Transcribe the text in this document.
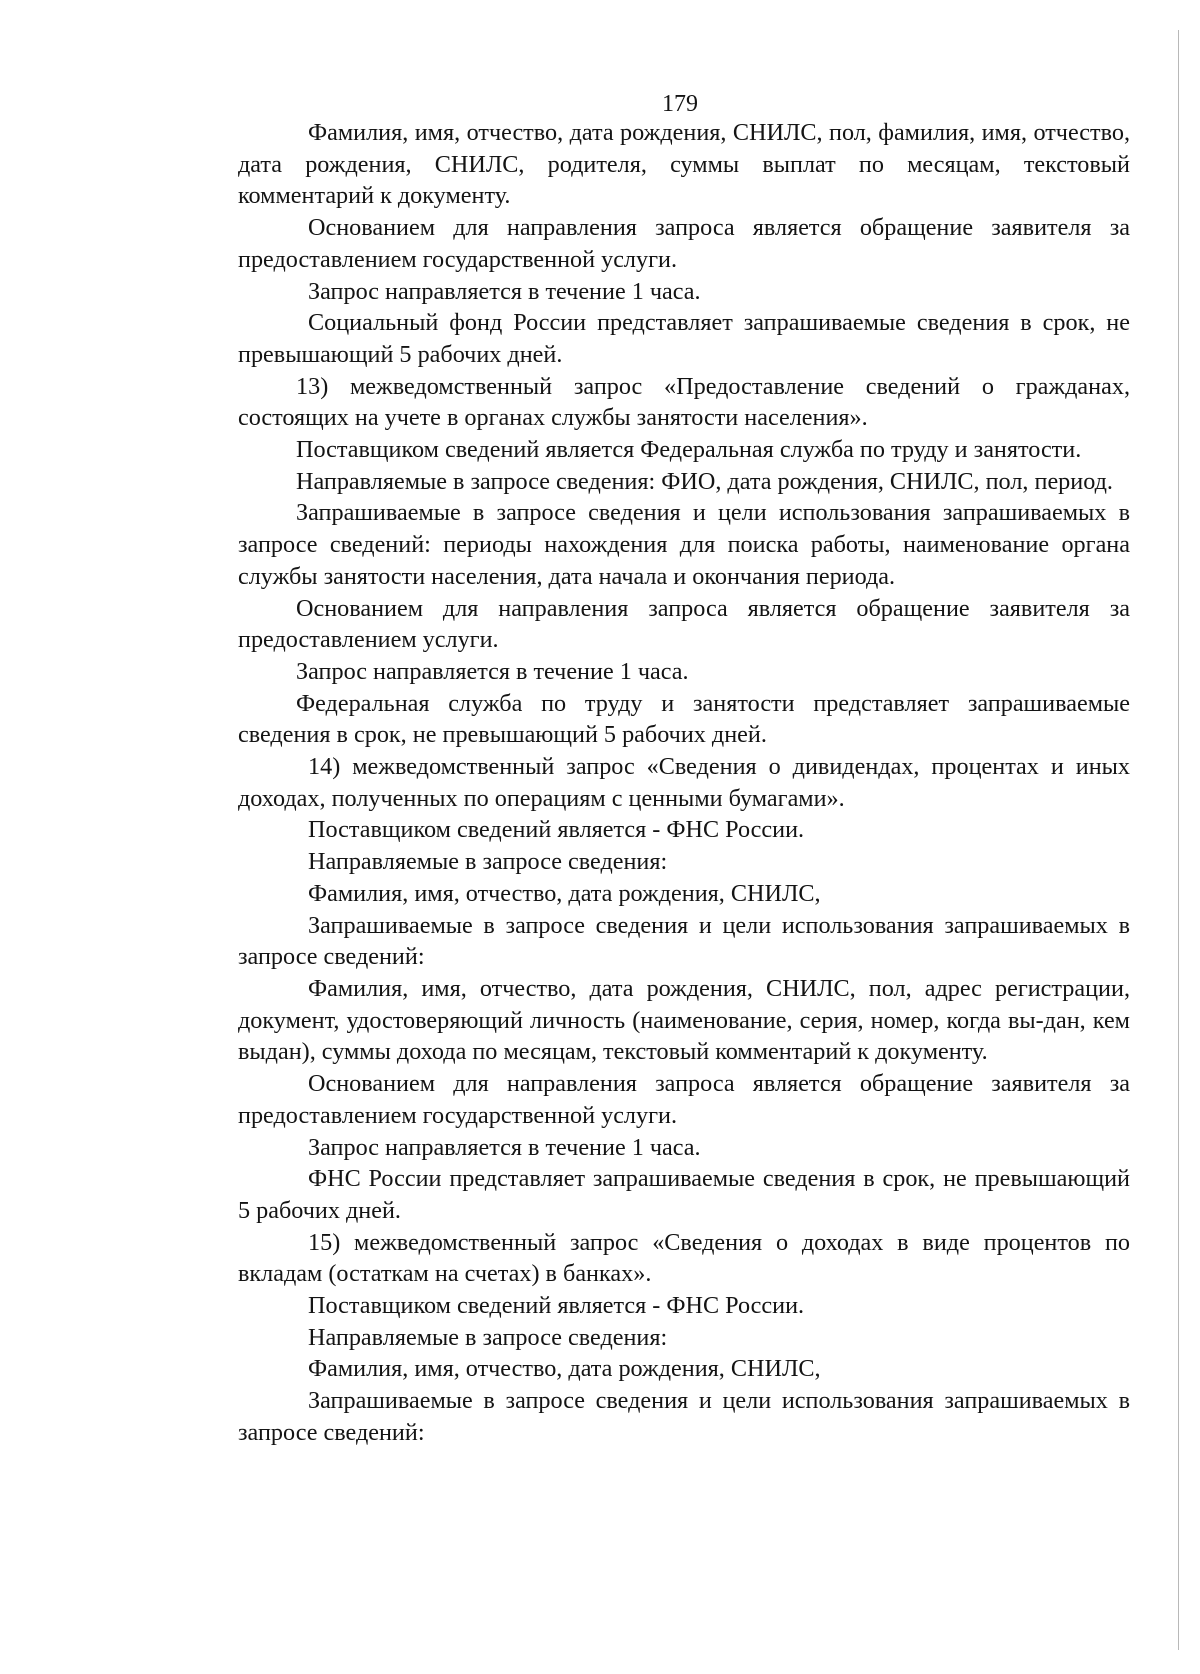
179

Фамилия, имя, отчество, дата рождения, СНИЛС, пол, фамилия, имя, отчество, дата рождения, СНИЛС, родителя, суммы выплат по месяцам, текстовый комментарий к документу.

Основанием для направления запроса является обращение заявителя за предоставлением государственной услуги.

Запрос направляется в течение 1 часа.

Социальный фонд России представляет запрашиваемые сведения в срок, не превышающий 5 рабочих дней.

13) межведомственный запрос «Предоставление сведений о гражданах, состоящих на учете в органах службы занятости населения».

Поставщиком сведений является Федеральная служба по труду и занятости.

Направляемые в запросе сведения: ФИО, дата рождения, СНИЛС, пол, период.

Запрашиваемые в запросе сведения и цели использования запрашиваемых в запросе сведений: периоды нахождения для поиска работы, наименование органа службы занятости населения, дата начала и окончания периода.

Основанием для направления запроса является обращение заявителя за предоставлением услуги.

Запрос направляется в течение 1 часа.

Федеральная служба по труду и занятости представляет запрашиваемые сведения в срок, не превышающий 5 рабочих дней.

14) межведомственный запрос «Сведения о дивидендах, процентах и иных доходах, полученных по операциям с ценными бумагами».

Поставщиком сведений является - ФНС России.

Направляемые в запросе сведения:

Фамилия, имя, отчество, дата рождения, СНИЛС,

Запрашиваемые в запросе сведения и цели использования запрашиваемых в запросе сведений:

Фамилия, имя, отчество, дата рождения, СНИЛС, пол, адрес регистрации, документ, удостоверяющий личность (наименование, серия, номер, когда вы-дан, кем выдан), суммы дохода по месяцам, текстовый комментарий к документу.

Основанием для направления запроса является обращение заявителя за предоставлением государственной услуги.

Запрос направляется в течение 1 часа.

ФНС России представляет запрашиваемые сведения в срок, не превышающий 5 рабочих дней.

15) межведомственный запрос «Сведения о доходах в виде процентов по вкладам (остаткам на счетах) в банках».

Поставщиком сведений является - ФНС России.

Направляемые в запросе сведения:

Фамилия, имя, отчество, дата рождения, СНИЛС,

Запрашиваемые в запросе сведения и цели использования запрашиваемых в запросе сведений:
